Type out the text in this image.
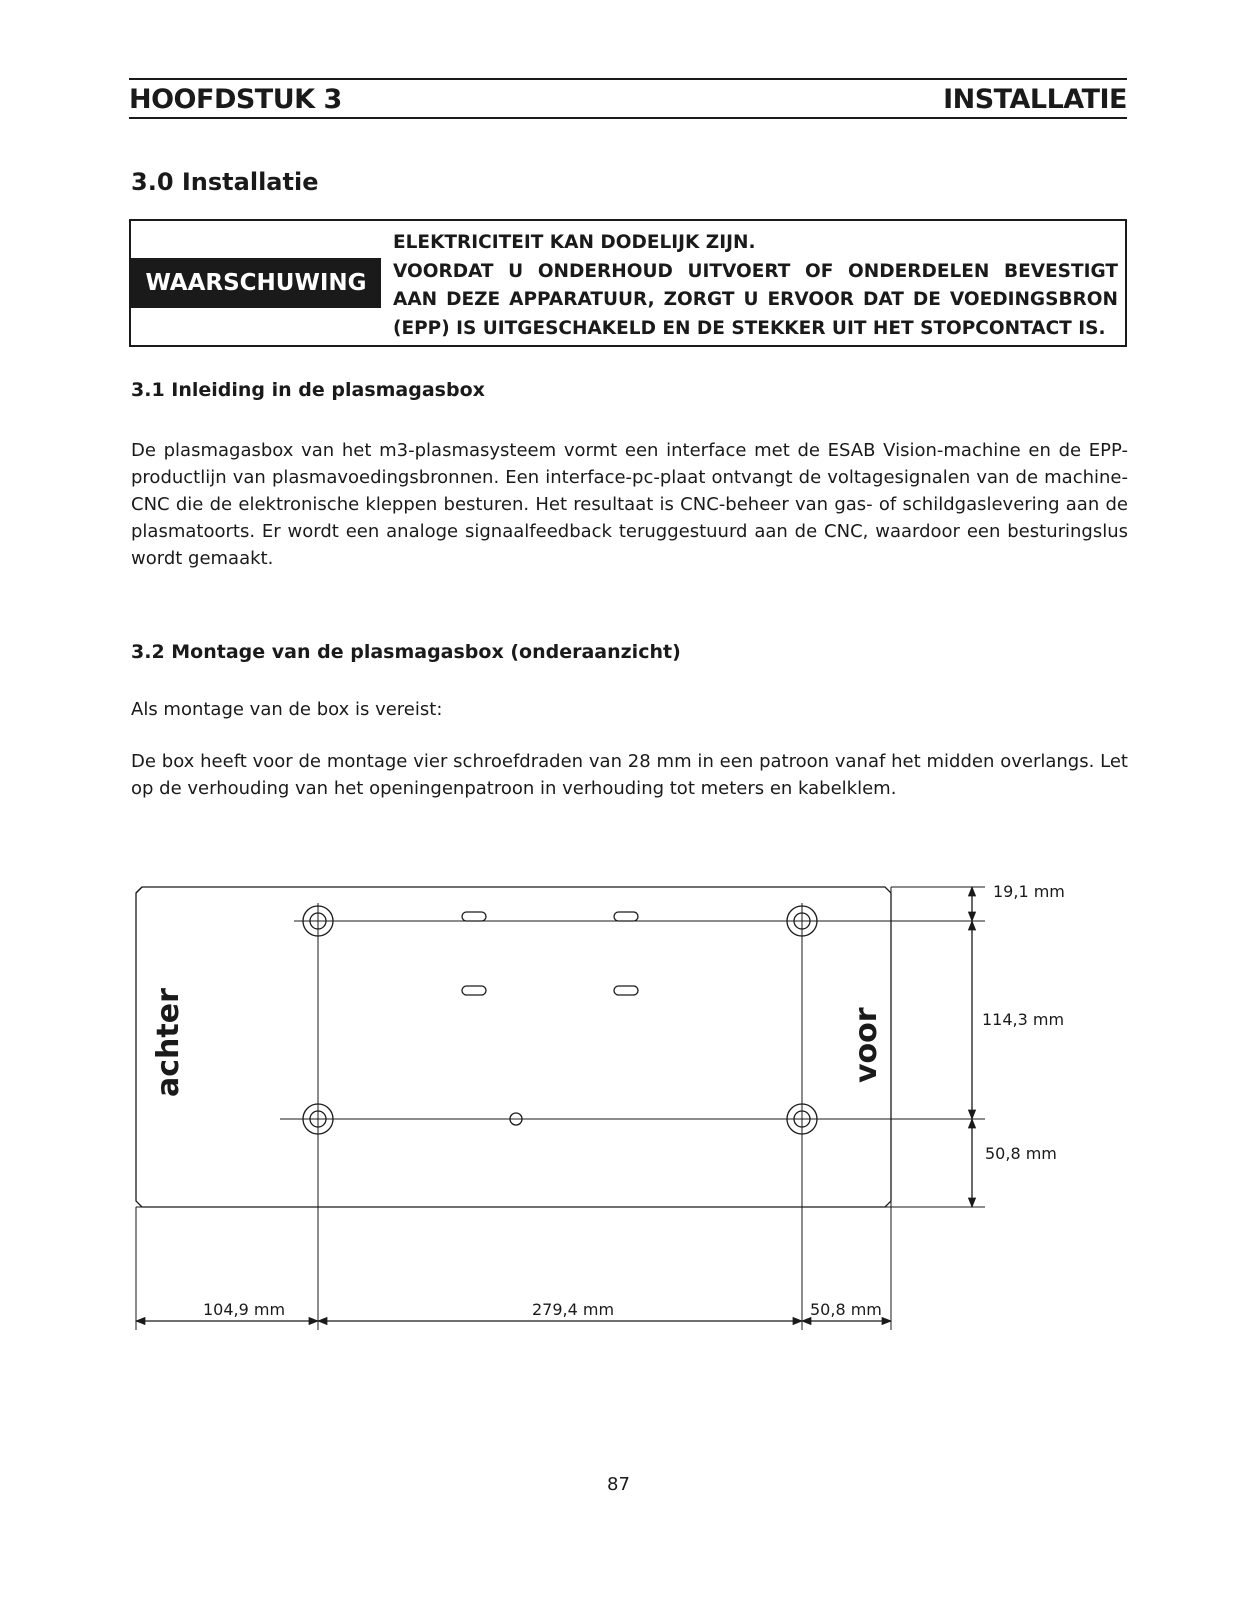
HOOFDSTUK 3	INSTALLATIE
3.0 Installatie
WAARSCHUWING
ELEKTRICITEIT KAN DODELIJK ZIJN.
VOORDAT U ONDERHOUD UITVOERT OF ONDERDELEN BEVESTIGT
AAN DEZE APPARATUUR, ZORGT U ERVOOR DAT DE VOEDINGSBRON
(EPP) IS UITGESCHAKELD EN DE STEKKER UIT HET STOPCONTACT IS.
3.1 Inleiding in de plasmagasbox
De plasmagasbox van het m3-plasmasysteem vormt een interface met de ESAB Vision-machine en de EPP-
productlijn van plasmavoedingsbronnen. Een interface-pc-plaat ontvangt de voltagesignalen van de machine-
CNC die de elektronische kleppen besturen. Het resultaat is CNC-beheer van gas- of schildgaslevering aan de
plasmatoorts. Er wordt een analoge signaalfeedback teruggestuurd aan de CNC, waardoor een besturingslus
wordt gemaakt.
3.2 Montage van de plasmagasbox (onderaanzicht)
Als montage van de box is vereist:
De box heeft voor de montage vier schroefdraden van 28 mm in een patroon vanaf het midden overlangs. Let
op de verhouding van het openingenpatroon in verhouding tot meters en kabelklem.
achter	voor
19,1 mm
114,3 mm
50,8 mm
104,9 mm	279,4 mm	50,8 mm
87
